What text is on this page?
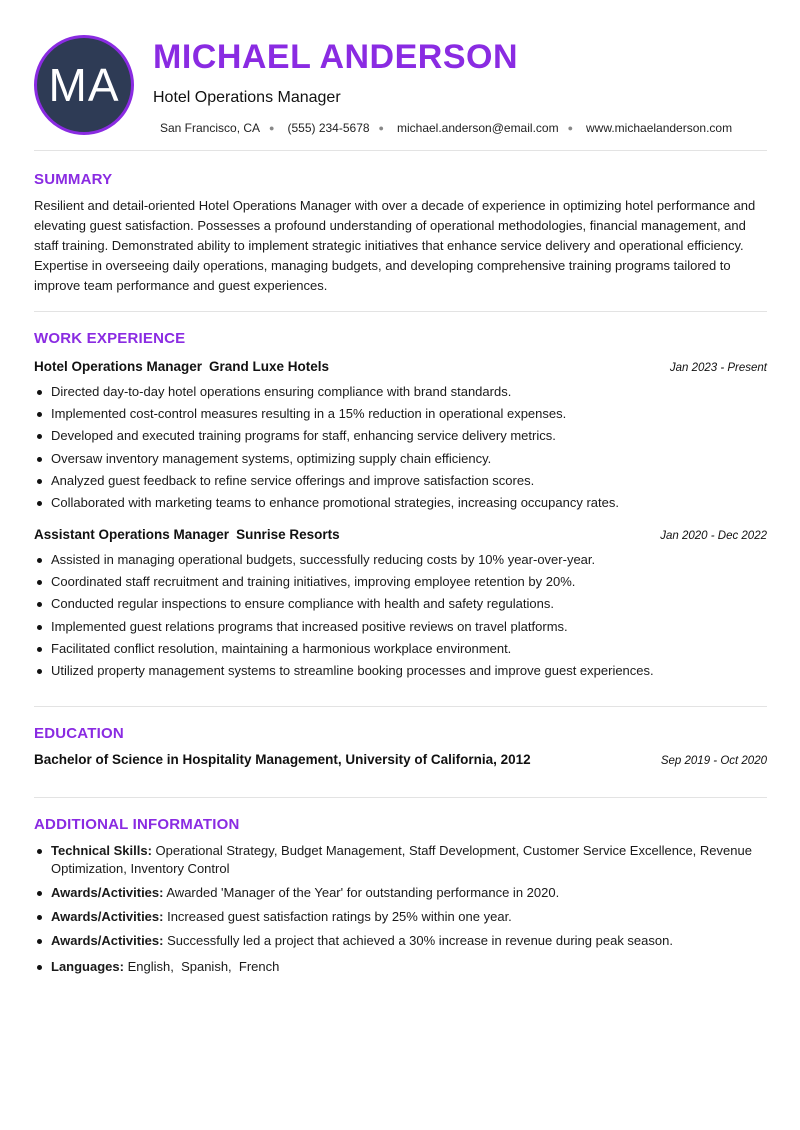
MA
MICHAEL ANDERSON
Hotel Operations Manager
San Francisco, CA ● (555) 234-5678 ● michael.anderson@email.com ● www.michaelanderson.com
SUMMARY

Resilient and detail-oriented Hotel Operations Manager with over a decade of experience in optimizing hotel performance and elevating guest satisfaction. Possesses a profound understanding of operational methodologies, financial management, and staff training. Demonstrated ability to implement strategic initiatives that enhance service delivery and operational efficiency. Expertise in overseeing daily operations, managing budgets, and developing comprehensive training programs tailored to improve team performance and guest experiences.

WORK EXPERIENCE
Hotel Operations Manager Grand Luxe Hotels	Jan 2023 - Present
Directed day-to-day hotel operations ensuring compliance with brand standards.
Implemented cost-control measures resulting in a 15% reduction in operational expenses.
Developed and executed training programs for staff, enhancing service delivery metrics.
Oversaw inventory management systems, optimizing supply chain efficiency.
Analyzed guest feedback to refine service offerings and improve satisfaction scores.
Collaborated with marketing teams to enhance promotional strategies, increasing occupancy rates.
Assistant Operations Manager Sunrise Resorts	Jan 2020 - Dec 2022
Assisted in managing operational budgets, successfully reducing costs by 10% year-over-year.
Coordinated staff recruitment and training initiatives, improving employee retention by 20%.
Conducted regular inspections to ensure compliance with health and safety regulations.
Implemented guest relations programs that increased positive reviews on travel platforms.
Facilitated conflict resolution, maintaining a harmonious workplace environment.
Utilized property management systems to streamline booking processes and improve guest experiences.
EDUCATION
Bachelor of Science in Hospitality Management, University of California, 2012	Sep 2019 - Oct 2020
ADDITIONAL INFORMATION
Technical Skills: Operational Strategy, Budget Management, Staff Development, Customer Service Excellence, Revenue Optimization, Inventory Control
Awards/Activities: Awarded 'Manager of the Year' for outstanding performance in 2020.
Awards/Activities: Increased guest satisfaction ratings by 25% within one year.
Awards/Activities: Successfully led a project that achieved a 30% increase in revenue during peak season.
Languages: English,  Spanish,  French
